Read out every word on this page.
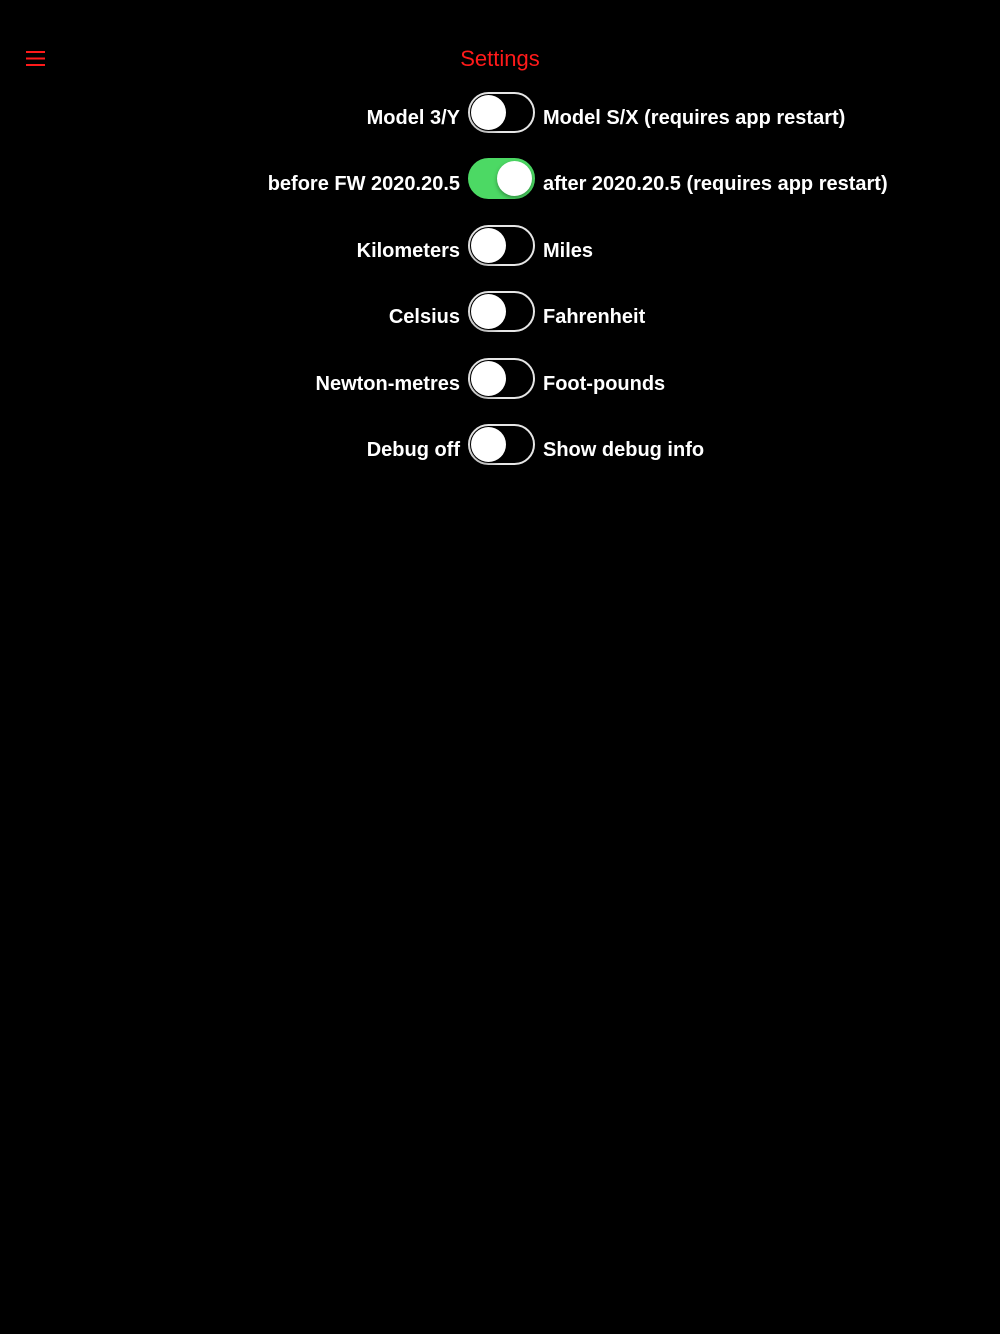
Settings
Model 3/Y	Model S/X (requires app restart)
before FW 2020.20.5	after 2020.20.5 (requires app restart)
Kilometers	Miles
Celsius	Fahrenheit
Newton-metres	Foot-pounds
Debug off	Show debug info
